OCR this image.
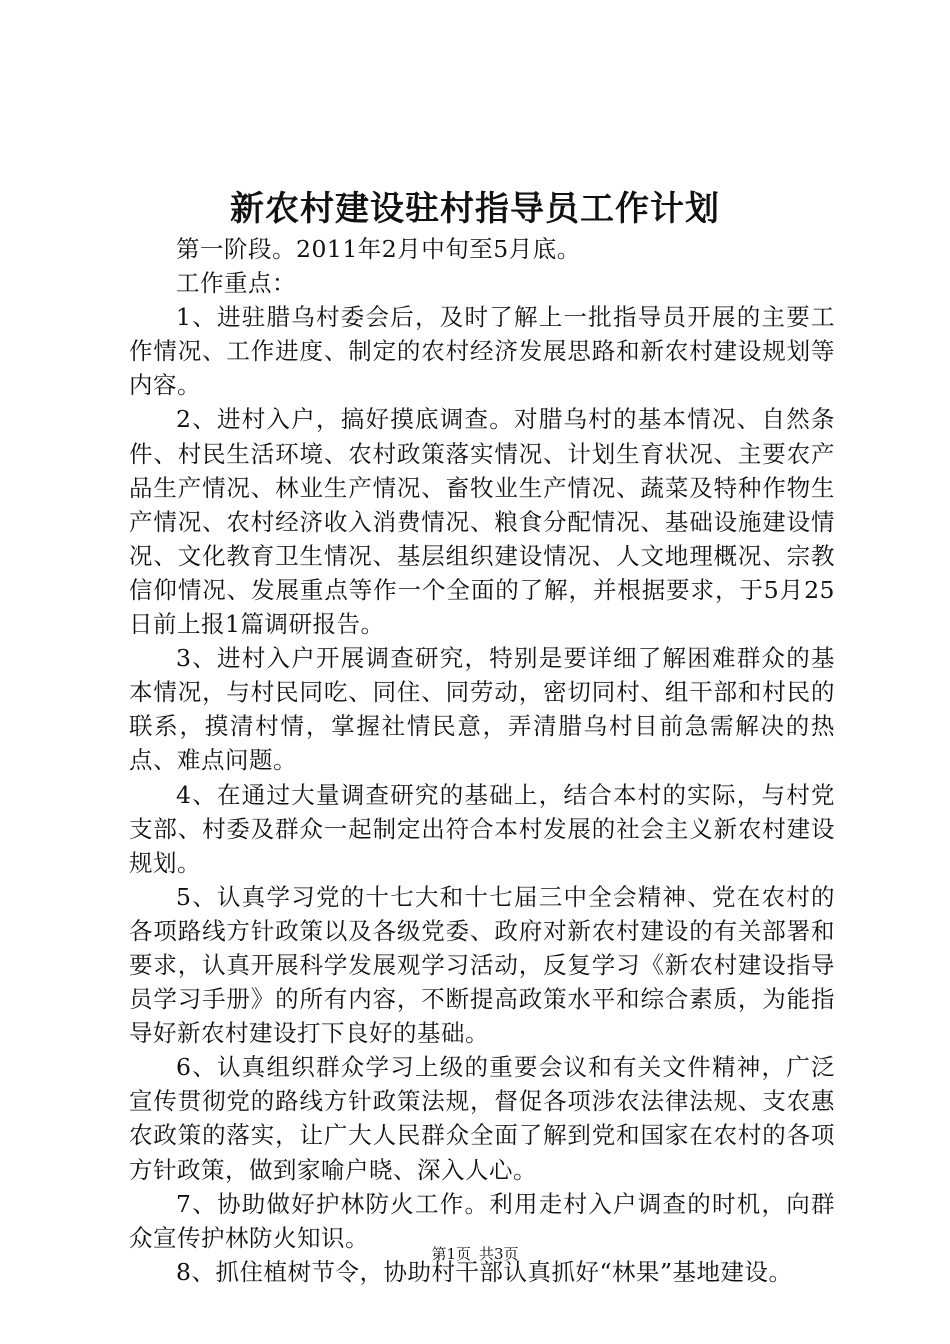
新农村建设驻村指导员工作计划

第一阶段。2011年2月中旬至5月底。

工作重点：

1、进驻腊乌村委会后，及时了解上一批指导员开展的主要工作情况、工作进度、制定的农村经济发展思路和新农村建设规划等内容。

2、进村入户，搞好摸底调查。对腊乌村的基本情况、自然条件、村民生活环境、农村政策落实情况、计划生育状况、主要农产品生产情况、林业生产情况、畜牧业生产情况、蔬菜及特种作物生产情况、农村经济收入消费情况、粮食分配情况、基础设施建设情况、文化教育卫生情况、基层组织建设情况、人文地理概况、宗教信仰情况、发展重点等作一个全面的了解，并根据要求，于5月25日前上报1篇调研报告。

3、进村入户开展调查研究，特别是要详细了解困难群众的基本情况，与村民同吃、同住、同劳动，密切同村、组干部和村民的联系，摸清村情，掌握社情民意，弄清腊乌村目前急需解决的热点、难点问题。

4、在通过大量调查研究的基础上，结合本村的实际，与村党支部、村委及群众一起制定出符合本村发展的社会主义新农村建设规划。

5、认真学习党的十七大和十七届三中全会精神、党在农村的各项路线方针政策以及各级党委、政府对新农村建设的有关部署和要求，认真开展科学发展观学习活动，反复学习《新农村建设指导员学习手册》的所有内容，不断提高政策水平和综合素质，为能指导好新农村建设打下良好的基础。

6、认真组织群众学习上级的重要会议和有关文件精神，广泛宣传贯彻党的路线方针政策法规，督促各项涉农法律法规、支农惠农政策的落实，让广大人民群众全面了解到党和国家在农村的各项方针政策，做到家喻户晓、深入人心。

7、协助做好护林防火工作。利用走村入户调查的时机，向群众宣传护林防火知识。

8、抓住植树节令，协助村干部认真抓好“林果”基地建设。

第1页 共3页
